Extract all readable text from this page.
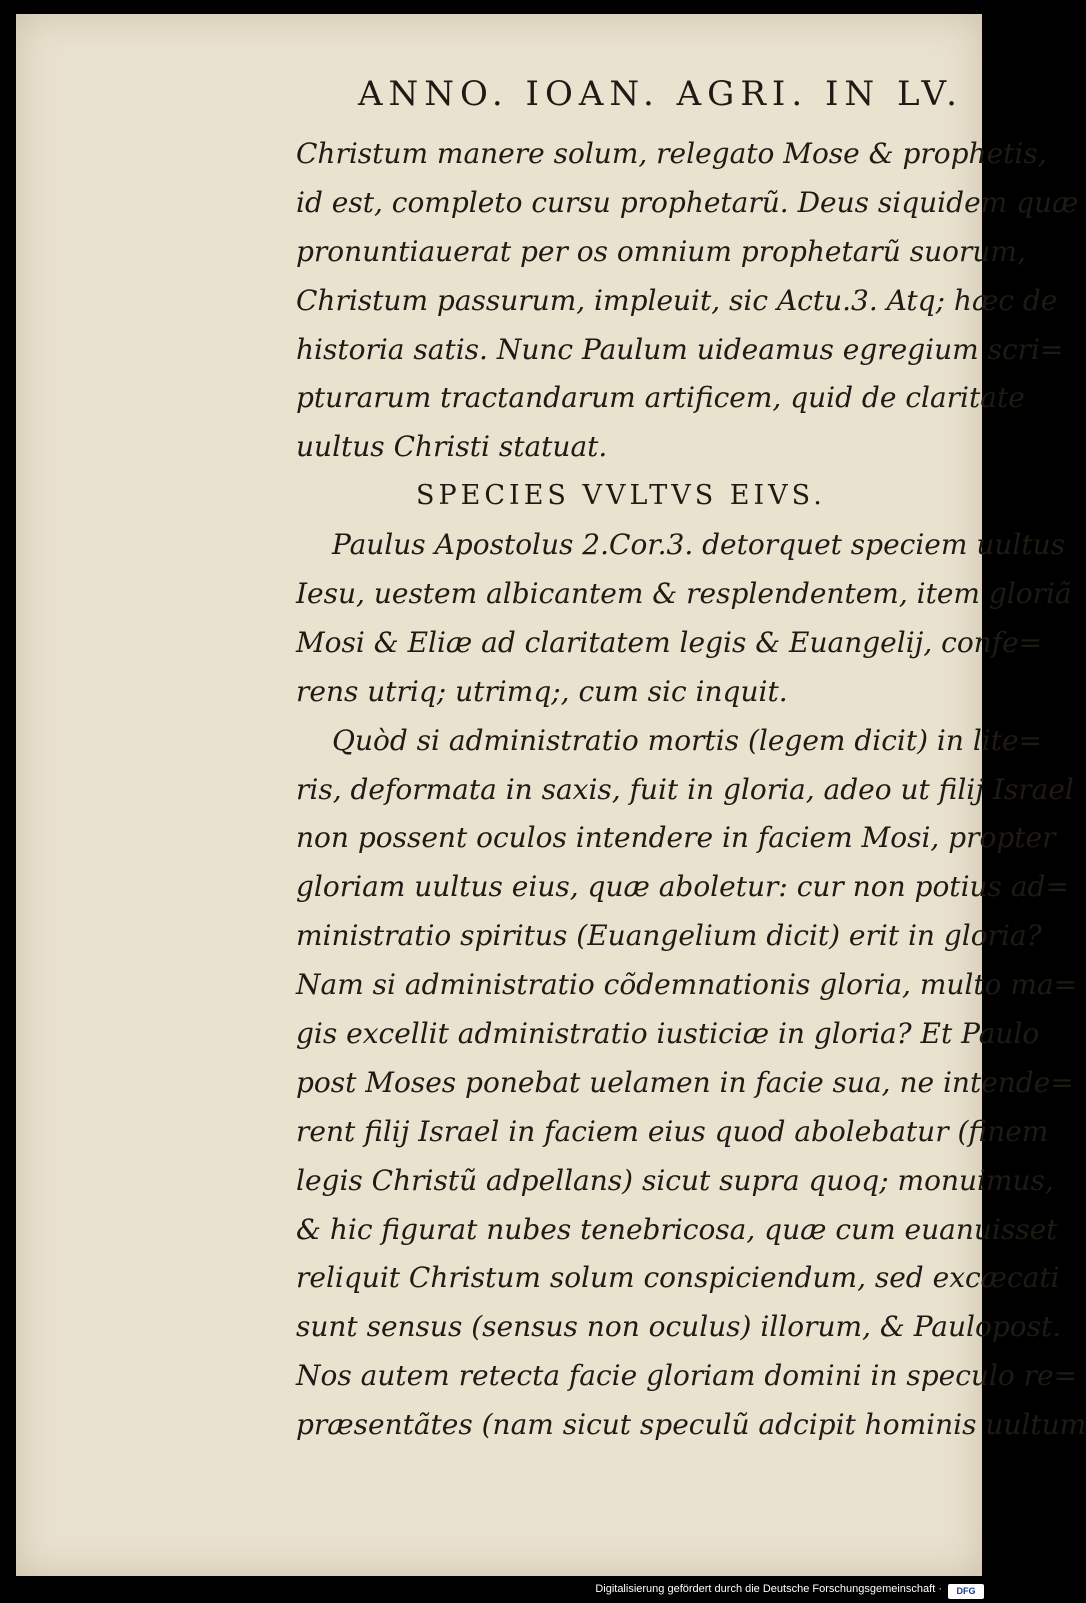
ANNO. IOAN. AGRI. IN LV.
Christum manere solum, relegato Mose & prophetis,
id est, completo cursu prophetarũ. Deus siquidem quæ
pronuntiauerat per os omnium prophetarũ suorum,
Christum passurum, impleuit, sic Actu.3. Atq; hæc de
historia satis. Nunc Paulum uideamus egregium scri=
pturarum tractandarum artificem, quid de claritate
uultus Christi statuat.
SPECIES VVLTVS EIVS.
Paulus Apostolus 2.Cor.3. detorquet speciem uultus
Iesu, uestem albicantem & resplendentem, item gloriã
Mosi & Eliæ ad claritatem legis & Euangelij, confe=
rens utriq; utrimq;, cum sic inquit.
Quòd si administratio mortis (legem dicit) in lite=
ris, deformata in saxis, fuit in gloria, adeo ut filij Israel
non possent oculos intendere in faciem Mosi, propter
gloriam uultus eius, quæ aboletur: cur non potius ad=
ministratio spiritus (Euangelium dicit) erit in gloria?
Nam si administratio cõdemnationis gloria, multo ma=
gis excellit administratio iusticiæ in gloria? Et Paulo
post Moses ponebat uelamen in facie sua, ne intende=
rent filij Israel in faciem eius quod abolebatur (finem
legis Christũ adpellans) sicut supra quoq; monuimus,
& hic figurat nubes tenebricosa, quæ cum euanuisset
reliquit Christum solum conspiciendum, sed excæcati
sunt sensus (sensus non oculus) illorum, & Paulopost.
Nos autem retecta facie gloriam domini in speculo re=
præsentãtes (nam sicut speculũ adcipit hominis uultum
Digitalisierung gefördert durch die Deutsche Forschungsgemeinschaft ·	DFG
